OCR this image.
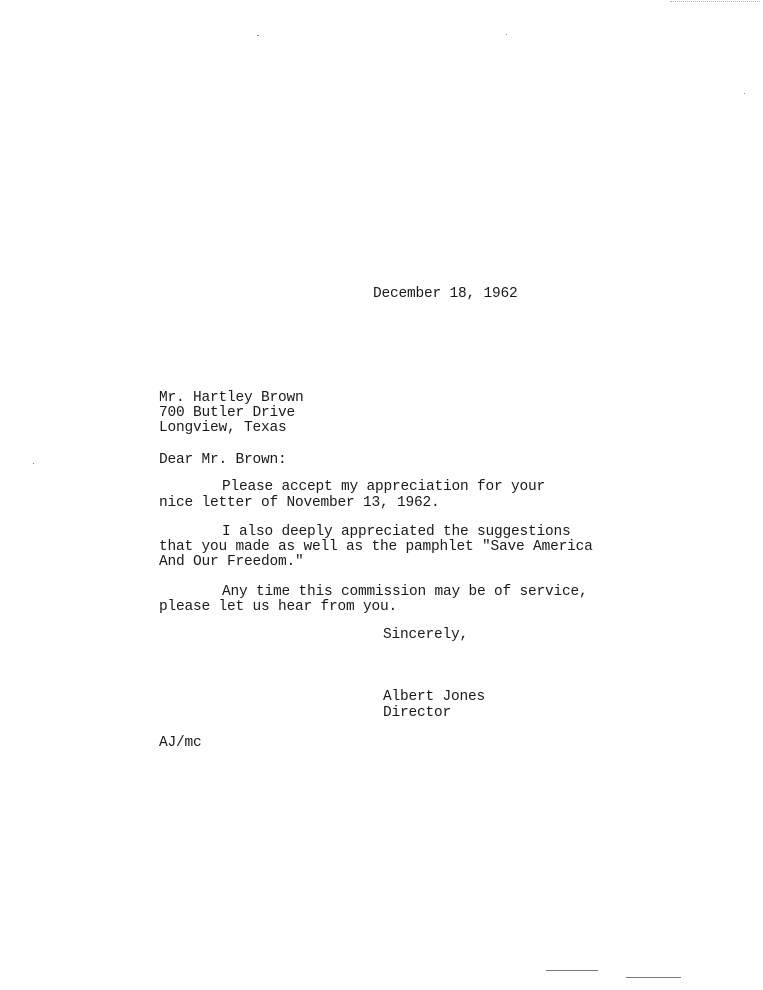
December 18, 1962
Mr. Hartley Brown
700 Butler Drive
Longview, Texas
Dear Mr. Brown:
Please accept my appreciation for your
nice letter of November 13, 1962.
I also deeply appreciated the suggestions
that you made as well as the pamphlet "Save America
And Our Freedom."
Any time this commission may be of service,
please let us hear from you.
Sincerely,
Albert Jones
Director
AJ/mc
